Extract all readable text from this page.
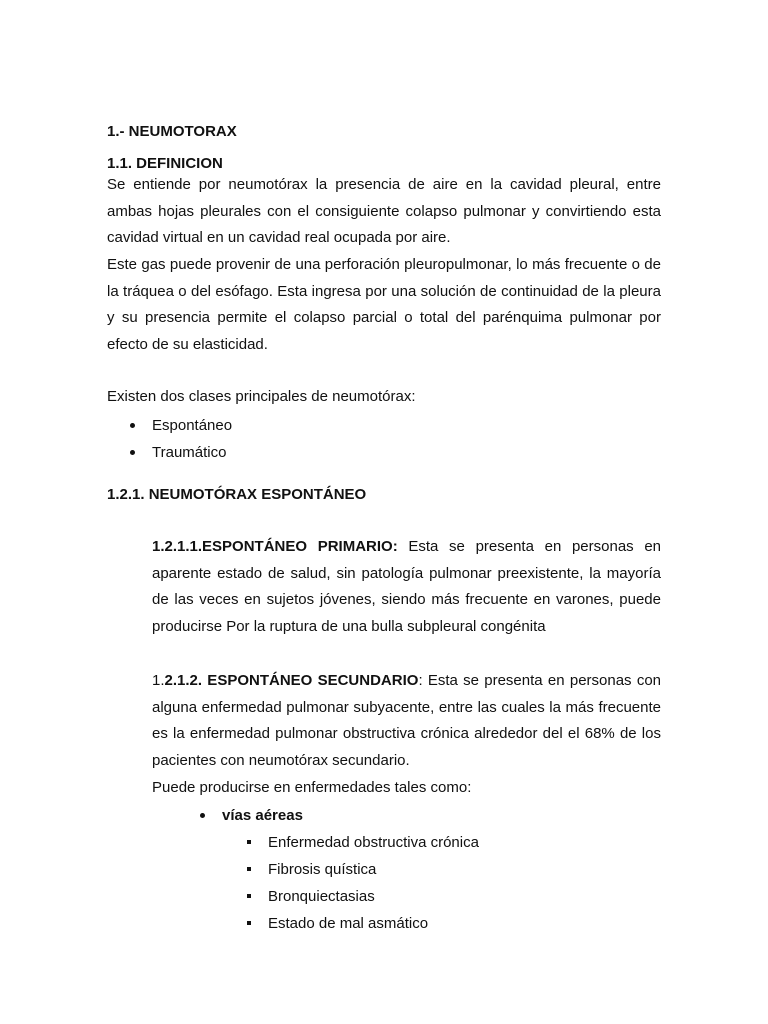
1.- NEUMOTORAX
1.1. DEFINICION

Se entiende por neumotórax la presencia de aire en la cavidad pleural, entre ambas hojas pleurales con el consiguiente colapso pulmonar y convirtiendo esta cavidad virtual en un cavidad real ocupada por aire.

Este gas puede provenir de una perforación pleuropulmonar, lo más frecuente o de la tráquea o del esófago. Esta ingresa por una solución de continuidad de la pleura y su presencia permite el colapso parcial o total del parénquima pulmonar por efecto de su elasticidad.

Existen dos clases principales de neumotórax:

Espontáneo
Traumático
1.2.1. NEUMOTÓRAX ESPONTÁNEO

1.2.1.1.ESPONTÁNEO PRIMARIO: Esta se presenta en personas en aparente estado de salud, sin patología pulmonar preexistente, la mayoría de las veces en sujetos jóvenes, siendo más frecuente en varones, puede producirse Por la ruptura de una bulla subpleural congénita

1.2.1.2. ESPONTÁNEO SECUNDARIO: Esta se presenta en personas con alguna enfermedad pulmonar subyacente, entre las cuales la más frecuente es la enfermedad pulmonar obstructiva crónica alrededor del el 68% de los pacientes con neumotórax secundario.

Puede producirse en enfermedades tales como:

vías aéreas
Enfermedad obstructiva crónica
Fibrosis quística
Bronquiectasias
Estado de mal asmático
